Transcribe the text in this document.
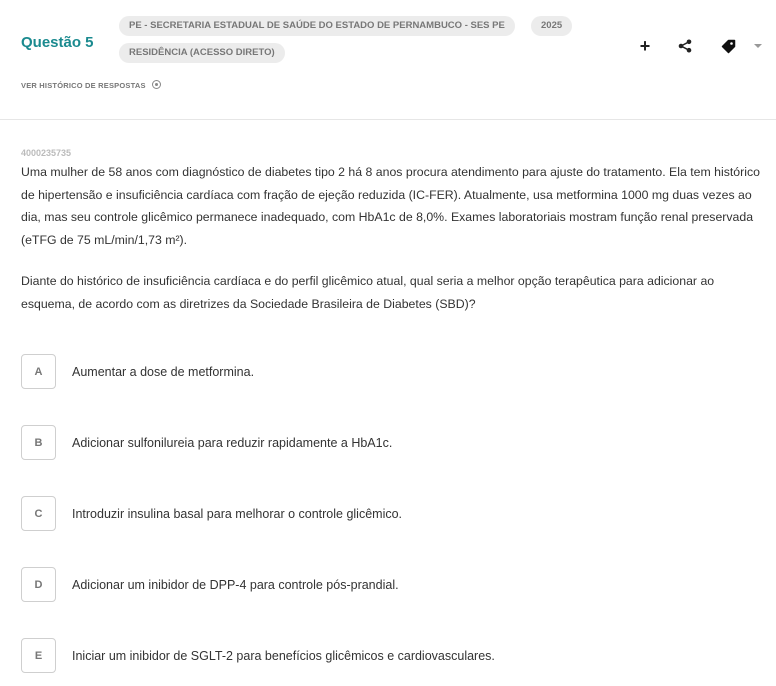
Questão 5
PE - SECRETARIA ESTADUAL DE SAÚDE DO ESTADO DE PERNAMBUCO - SES PE	2025
RESIDÊNCIA (ACESSO DIRETO)
VER HISTÓRICO DE RESPOSTAS
+
4000235735
Uma mulher de 58 anos com diagnóstico de diabetes tipo 2 há 8 anos procura atendimento para ajuste do tratamento. Ela tem histórico de hipertensão e insuficiência cardíaca com fração de ejeção reduzida (IC-FER). Atualmente, usa metformina 1000 mg duas vezes ao dia, mas seu controle glicêmico permanece inadequado, com HbA1c de 8,0%. Exames laboratoriais mostram função renal preservada (eTFG de 75 mL/min/1,73 m²).
Diante do histórico de insuficiência cardíaca e do perfil glicêmico atual, qual seria a melhor opção terapêutica para adicionar ao esquema, de acordo com as diretrizes da Sociedade Brasileira de Diabetes (SBD)?
A	Aumentar a dose de metformina.
B	Adicionar sulfonilureia para reduzir rapidamente a HbA1c.
C	Introduzir insulina basal para melhorar o controle glicêmico.
D	Adicionar um inibidor de DPP-4 para controle pós-prandial.
E	Iniciar um inibidor de SGLT-2 para benefícios glicêmicos e cardiovasculares.
